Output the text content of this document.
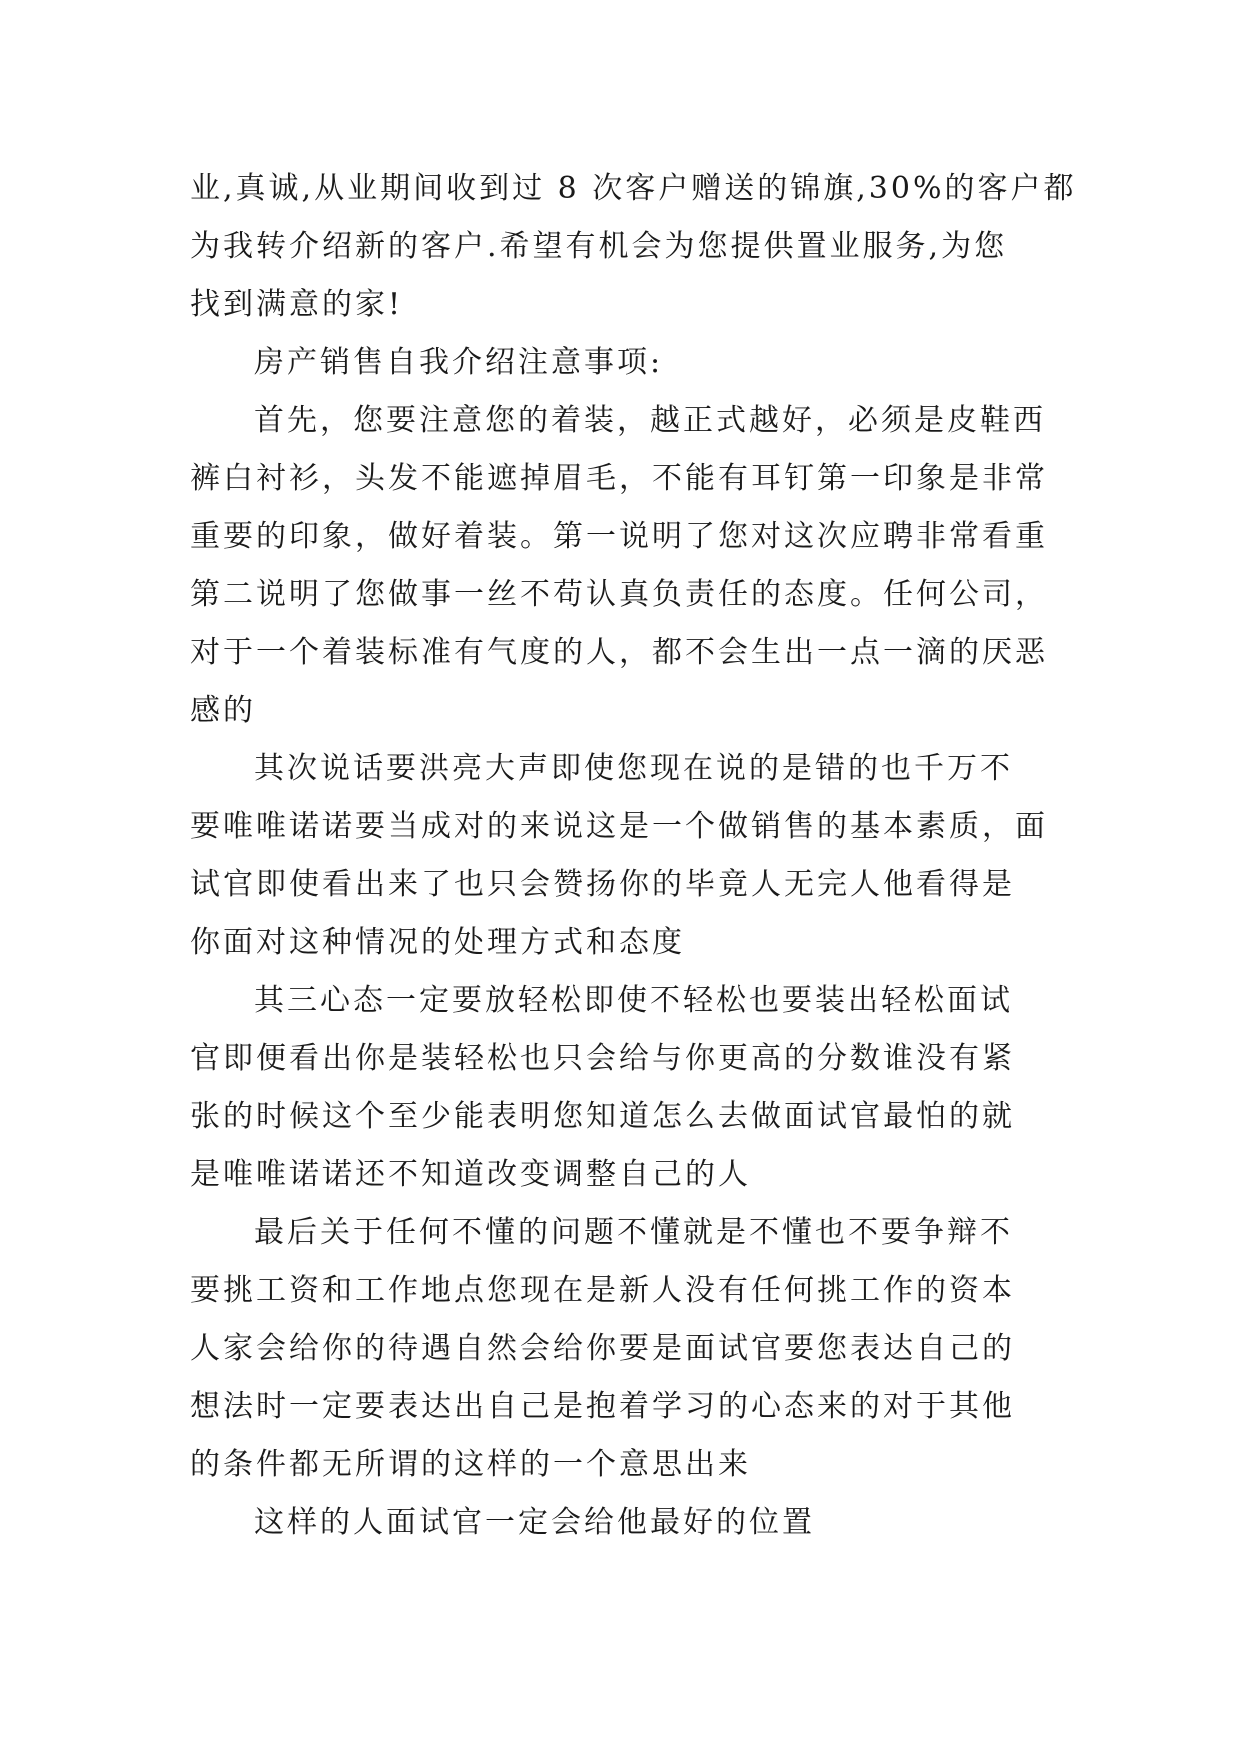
业,真诚,从业期间收到过 8 次客户赠送的锦旗,30%的客户都
为我转介绍新的客户.希望有机会为您提供置业服务,为您
找到满意的家!
房产销售自我介绍注意事项:
首先，您要注意您的着装，越正式越好，必须是皮鞋西
裤白衬衫，头发不能遮掉眉毛，不能有耳钉第一印象是非常
重要的印象，做好着装。第一说明了您对这次应聘非常看重
第二说明了您做事一丝不苟认真负责任的态度。任何公司，
对于一个着装标准有气度的人，都不会生出一点一滴的厌恶
感的
其次说话要洪亮大声即使您现在说的是错的也千万不
要唯唯诺诺要当成对的来说这是一个做销售的基本素质，面
试官即使看出来了也只会赞扬你的毕竟人无完人他看得是
你面对这种情况的处理方式和态度
其三心态一定要放轻松即使不轻松也要装出轻松面试
官即便看出你是装轻松也只会给与你更高的分数谁没有紧
张的时候这个至少能表明您知道怎么去做面试官最怕的就
是唯唯诺诺还不知道改变调整自己的人
最后关于任何不懂的问题不懂就是不懂也不要争辩不
要挑工资和工作地点您现在是新人没有任何挑工作的资本
人家会给你的待遇自然会给你要是面试官要您表达自己的
想法时一定要表达出自己是抱着学习的心态来的对于其他
的条件都无所谓的这样的一个意思出来
这样的人面试官一定会给他最好的位置
